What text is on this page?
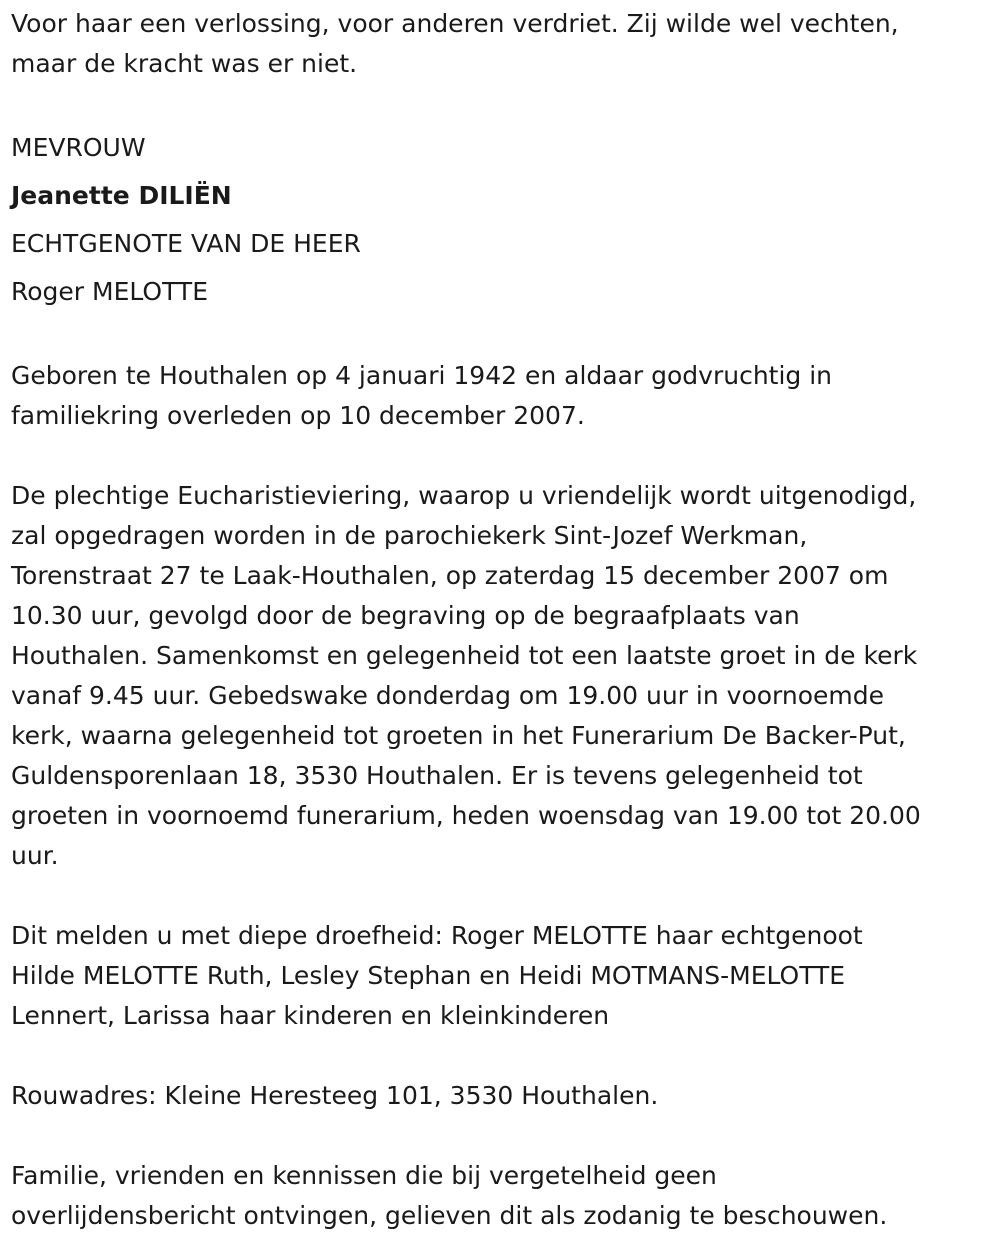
Voor haar een verlossing, voor anderen verdriet. Zij wilde wel vechten,

maar de kracht was er niet.

MEVROUW

Jeanette DILIËN

ECHTGENOTE VAN DE HEER

Roger MELOTTE

Geboren te Houthalen op 4 januari 1942 en aldaar godvruchtig in

familiekring overleden op 10 december 2007.

De plechtige Eucharistieviering, waarop u vriendelijk wordt uitgenodigd,

zal opgedragen worden in de parochiekerk Sint-Jozef Werkman,

Torenstraat 27 te Laak-Houthalen, op zaterdag 15 december 2007 om

10.30 uur, gevolgd door de begraving op de begraafplaats van

Houthalen. Samenkomst en gelegenheid tot een laatste groet in de kerk

vanaf 9.45 uur. Gebedswake donderdag om 19.00 uur in voornoemde

kerk, waarna gelegenheid tot groeten in het Funerarium De Backer-Put,

Guldensporenlaan 18, 3530 Houthalen. Er is tevens gelegenheid tot

groeten in voornoemd funerarium, heden woensdag van 19.00 tot 20.00

uur.

Dit melden u met diepe droefheid: Roger MELOTTE haar echtgenoot

Hilde MELOTTE Ruth, Lesley Stephan en Heidi MOTMANS-MELOTTE

Lennert, Larissa haar kinderen en kleinkinderen

Rouwadres: Kleine Heresteeg 101, 3530 Houthalen.

Familie, vrienden en kennissen die bij vergetelheid geen

overlijdensbericht ontvingen, gelieven dit als zodanig te beschouwen.
